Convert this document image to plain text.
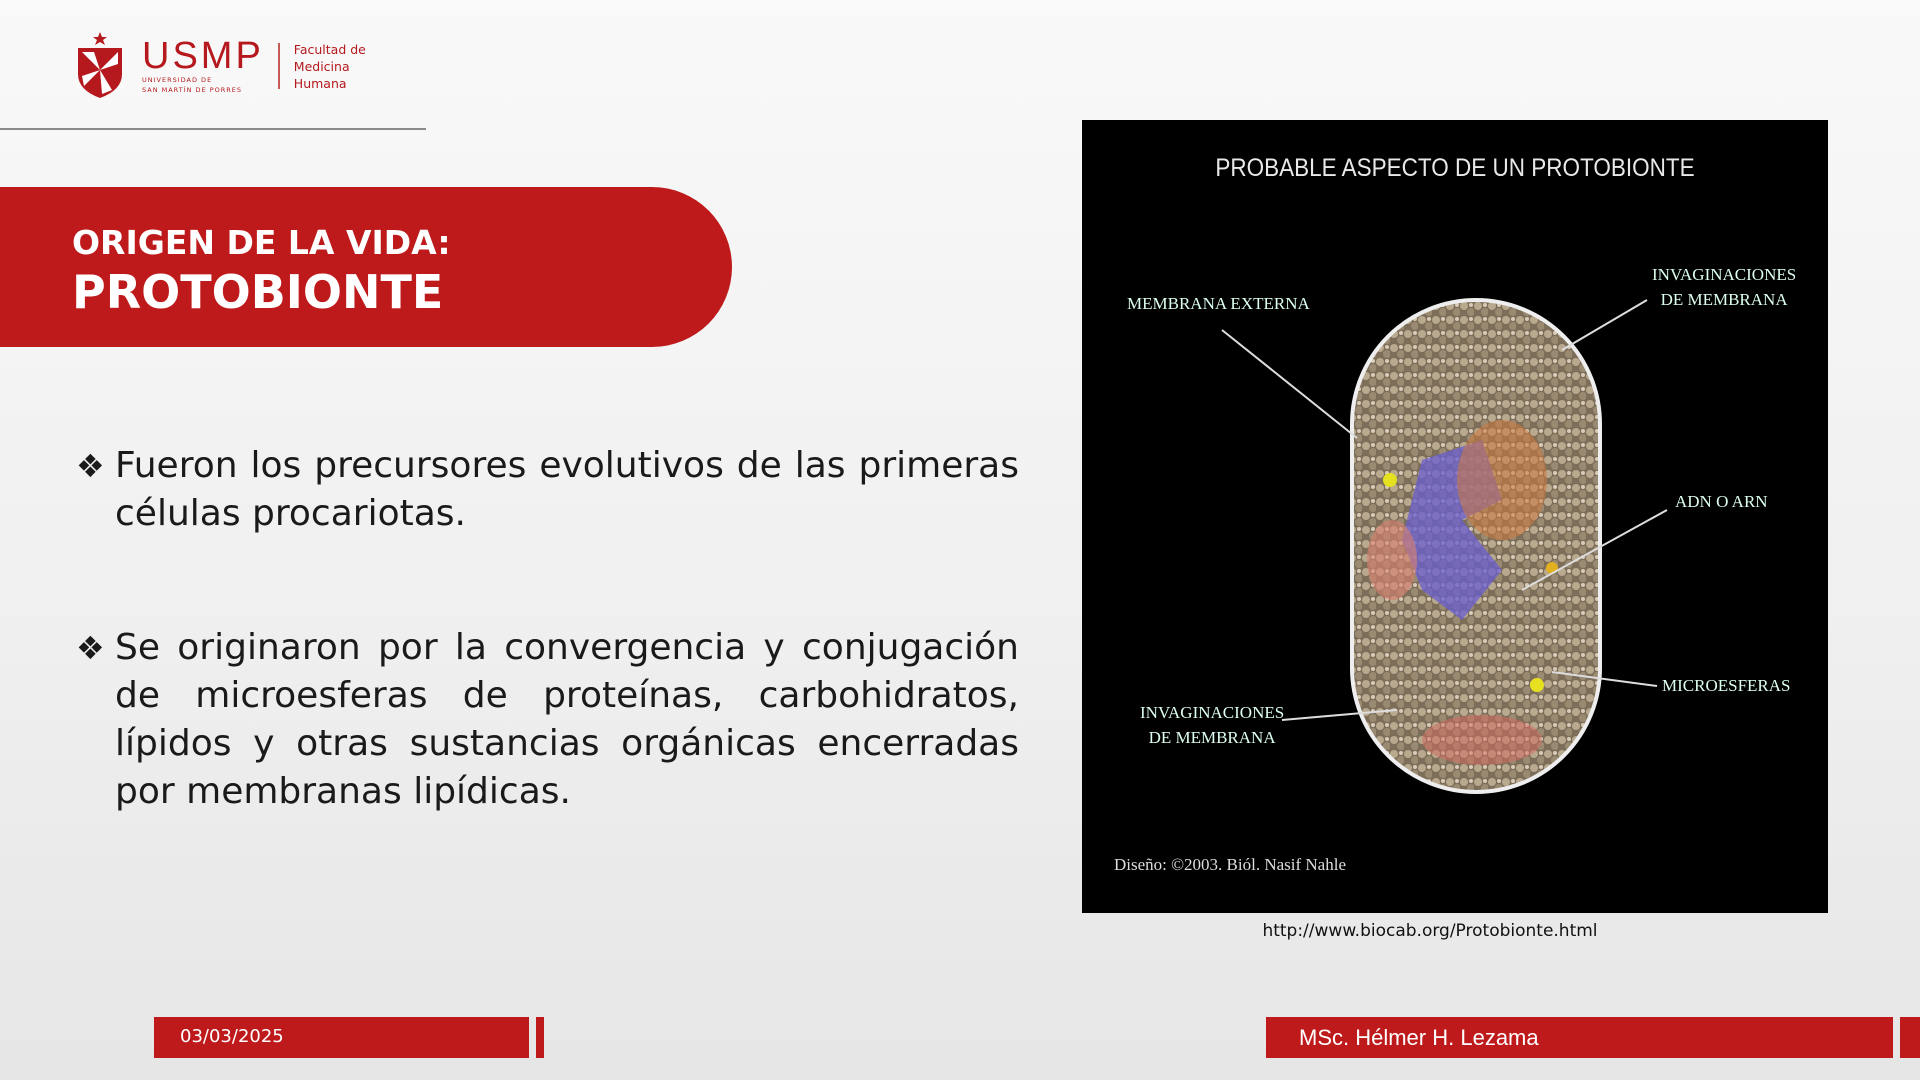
USMP
UNIVERSIDAD DE
SAN MARTÍN DE PORRES
Facultad de
Medicina
Humana
ORIGEN DE LA VIDA:
PROTOBIONTE
❖ Fueron los precursores evolutivos de las primeras células procariotas.
❖ Se originaron por la convergencia y conjugación de microesferas de proteínas, carbohidratos, lípidos y otras sustancias orgánicas encerradas por membranas lipídicas.
PROBABLE ASPECTO DE UN PROTOBIONTE
MEMBRANA EXTERNA
INVAGINACIONES
DE MEMBRANA
ADN O ARN
MICROESFERAS
INVAGINACIONES
DE MEMBRANA
Diseño: ©2003. Biól. Nasif Nahle
http://www.biocab.org/Protobionte.html
03/03/2025	MSc. Hélmer H. Lezama
